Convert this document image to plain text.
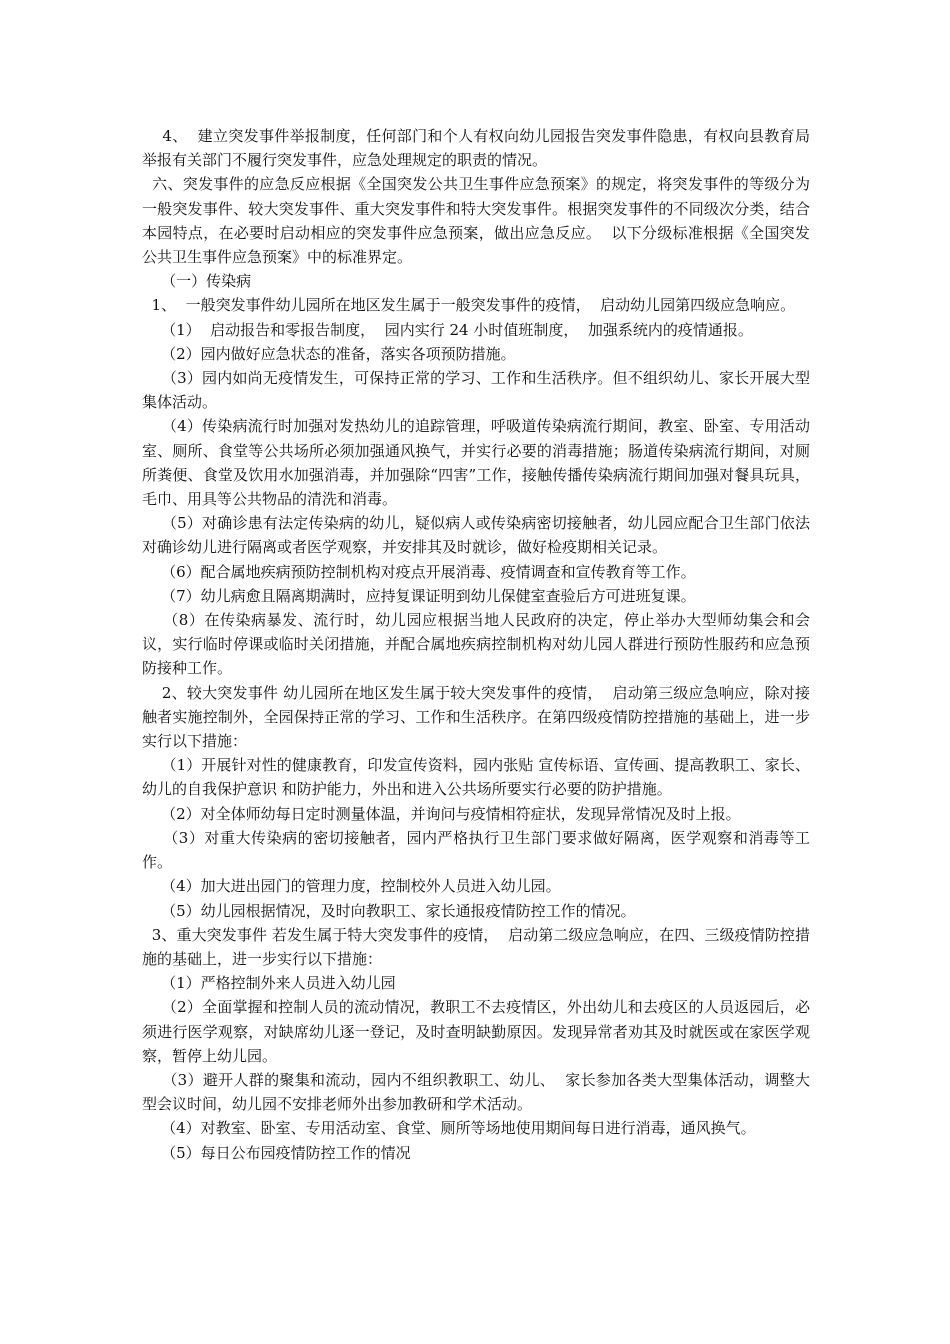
4、  建立突发事件举报制度，任何部门和个人有权向幼儿园报告突发事件隐患，有权向县教育局举报有关部门不履行突发事件，应急处理规定的职责的情况。

六、突发事件的应急反应根据《全国突发公共卫生事件应急预案》的规定，将突发事件的等级分为一般突发事件、较大突发事件、重大突发事件和特大突发事件。根据突发事件的不同级次分类，结合本园特点，在必要时启动相应的突发事件应急预案，做出应急反应。  以下分级标准根据《全国突发公共卫生事件应急预案》中的标准界定。

（一）传染病

1、  一般突发事件幼儿园所在地区发生属于一般突发事件的疫情，  启动幼儿园第四级应急响应。

（1）  启动报告和零报告制度，  园内实行 24 小时值班制度，  加强系统内的疫情通报。

（2）园内做好应急状态的准备，落实各项预防措施。

（3）园内如尚无疫情发生，可保持正常的学习、工作和生活秩序。但不组织幼儿、家长开展大型集体活动。

（4）传染病流行时加强对发热幼儿的追踪管理，呼吸道传染病流行期间，教室、卧室、专用活动室、厕所、食堂等公共场所必须加强通风换气，并实行必要的消毒措施；肠道传染病流行期间，对厕所粪便、食堂及饮用水加强消毒，并加强除“四害”工作，接触传播传染病流行期间加强对餐具玩具，毛巾、用具等公共物品的清洗和消毒。

（5）对确诊患有法定传染病的幼儿，疑似病人或传染病密切接触者，幼儿园应配合卫生部门依法对确诊幼儿进行隔离或者医学观察，并安排其及时就诊，做好检疫期相关记录。

（6）配合属地疾病预防控制机构对疫点开展消毒、疫情调查和宣传教育等工作。

（7）幼儿病愈且隔离期满时，应持复课证明到幼儿保健室查验后方可进班复课。

（8）在传染病暴发、流行时，幼儿园应根据当地人民政府的决定，停止举办大型师幼集会和会议，实行临时停课或临时关闭措施，并配合属地疾病控制机构对幼儿园人群进行预防性服药和应急预防接种工作。

2、较大突发事件 幼儿园所在地区发生属于较大突发事件的疫情，  启动第三级应急响应，除对接触者实施控制外，全园保持正常的学习、工作和生活秩序。在第四级疫情防控措施的基础上，进一步实行以下措施：

（1）开展针对性的健康教育，印发宣传资料，园内张贴 宣传标语、宣传画、提高教职工、家长、幼儿的自我保护意识 和防护能力，外出和进入公共场所要实行必要的防护措施。

（2）对全体师幼每日定时测量体温，并询问与疫情相符症状，发现异常情况及时上报。

（3）对重大传染病的密切接触者，园内严格执行卫生部门要求做好隔离，医学观察和消毒等工作。

（4）加大进出园门的管理力度，控制校外人员进入幼儿园。

（5）幼儿园根据情况，及时向教职工、家长通报疫情防控工作的情况。

3、重大突发事件 若发生属于特大突发事件的疫情，  启动第二级应急响应，在四、三级疫情防控措施的基础上，进一步实行以下措施：

（1）严格控制外来人员进入幼儿园

（2）全面掌握和控制人员的流动情况，教职工不去疫情区，外出幼儿和去疫区的人员返园后，必须进行医学观察，对缺席幼儿逐一登记，及时查明缺勤原因。发现异常者劝其及时就医或在家医学观察，暂停上幼儿园。

（3）避开人群的聚集和流动，园内不组织教职工、幼儿、  家长参加各类大型集体活动，调整大型会议时间，幼儿园不安排老师外出参加教研和学术活动。

（4）对教室、卧室、专用活动室、食堂、厕所等场地使用期间每日进行消毒，通风换气。

（5）每日公布园疫情防控工作的情况
